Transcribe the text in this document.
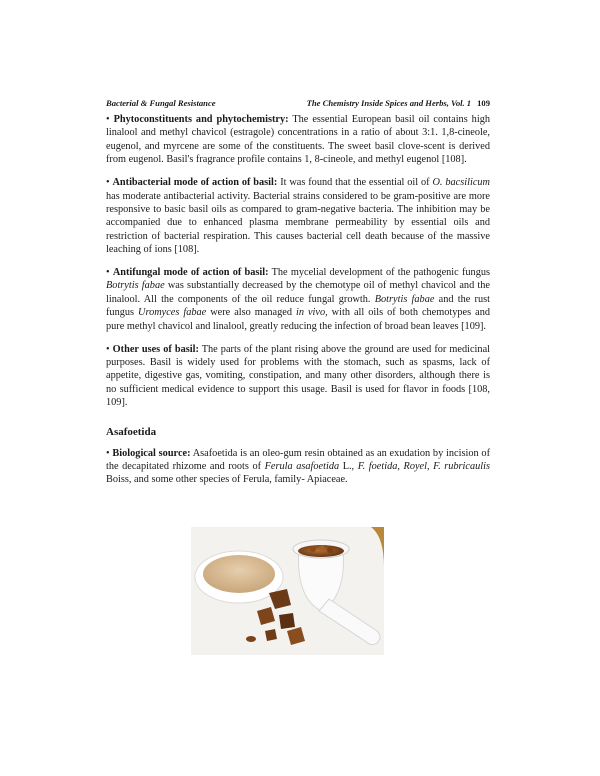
Bacterial & Fungal Resistance	The Chemistry Inside Spices and Herbs, Vol. 1 109

• Phytoconstituents and phytochemistry: The essential European basil oil contains high linalool and methyl chavicol (estragole) concentrations in a ratio of about 3:1. 1,8-cineole, eugenol, and myrcene are some of the constituents. The sweet basil clove-scent is derived from eugenol. Basil's fragrance profile contains 1, 8-cineole, and methyl eugenol [108].

• Antibacterial mode of action of basil: It was found that the essential oil of O. bacsilicum has moderate antibacterial activity. Bacterial strains considered to be gram-positive are more responsive to basic basil oils as compared to gram-negative bacteria. The inhibition may be accompanied due to enhanced plasma membrane permeability by essential oils and restriction of bacterial respiration. This causes bacterial cell death because of the massive leaching of ions [108].

• Antifungal mode of action of basil: The mycelial development of the pathogenic fungus Botrytis fabae was substantially decreased by the chemotype oil of methyl chavicol and the linalool. All the components of the oil reduce fungal growth. Botrytis fabae and the rust fungus Uromyces fabae were also managed in vivo, with all oils of both chemotypes and pure methyl chavicol and linalool, greatly reducing the infection of broad bean leaves [109].

• Other uses of basil: The parts of the plant rising above the ground are used for medicinal purposes. Basil is widely used for problems with the stomach, such as spasms, lack of appetite, digestive gas, vomiting, constipation, and many other disorders, although there is no sufficient medical evidence to support this usage. Basil is used for flavor in foods [108, 109].

Asafoetida

• Biological source: Asafoetida is an oleo-gum resin obtained as an exudation by incision of the decapitated rhizome and roots of Ferula asafoetida L., F. foetida, Royel, F. rubricaulis Boiss, and some other species of Ferula, family- Apiaceae.
